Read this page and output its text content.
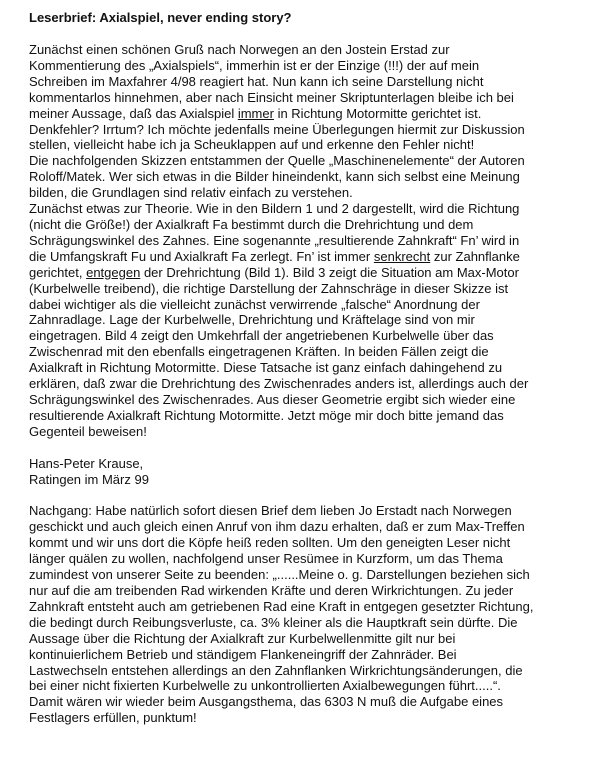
Leserbrief: Axialspiel, never ending story?

Zunächst einen schönen Gruß nach Norwegen an den Jostein Erstad zur
Kommentierung des „Axialspiels“, immerhin ist er der Einzige (!!!) der auf mein
Schreiben im Maxfahrer 4/98 reagiert hat. Nun kann ich seine Darstellung nicht
kommentarlos hinnehmen, aber nach Einsicht meiner Skriptunterlagen bleibe ich bei
meiner Aussage, daß das Axialspiel immer in Richtung Motormitte gerichtet ist.
Denkfehler? Irrtum? Ich möchte jedenfalls meine Überlegungen hiermit zur Diskussion
stellen, vielleicht habe ich ja Scheuklappen auf und erkenne den Fehler nicht!
Die nachfolgenden Skizzen entstammen der Quelle „Maschinenelemente“ der Autoren
Roloff/Matek. Wer sich etwas in die Bilder hineindenkt, kann sich selbst eine Meinung
bilden, die Grundlagen sind relativ einfach zu verstehen.
Zunächst etwas zur Theorie. Wie in den Bildern 1 und 2 dargestellt, wird die Richtung
(nicht die Größe!) der Axialkraft Fa bestimmt durch die Drehrichtung und dem
Schrägungswinkel des Zahnes. Eine sogenannte „resultierende Zahnkraft“ Fn’ wird in
die Umfangskraft Fu und Axialkraft Fa zerlegt. Fn’ ist immer senkrecht zur Zahnflanke
gerichtet, entgegen der Drehrichtung (Bild 1). Bild 3 zeigt die Situation am Max-Motor
(Kurbelwelle treibend), die richtige Darstellung der Zahnschräge in dieser Skizze ist
dabei wichtiger als die vielleicht zunächst verwirrende „falsche“ Anordnung der
Zahnradlage. Lage der Kurbelwelle, Drehrichtung und Kräftelage sind von mir
eingetragen. Bild 4 zeigt den Umkehrfall der angetriebenen Kurbelwelle über das
Zwischenrad mit den ebenfalls eingetragenen Kräften. In beiden Fällen zeigt die
Axialkraft in Richtung Motormitte. Diese Tatsache ist ganz einfach dahingehend zu
erklären, daß zwar die Drehrichtung des Zwischenrades anders ist, allerdings auch der
Schrägungswinkel des Zwischenrades. Aus dieser Geometrie ergibt sich wieder eine
resultierende Axialkraft Richtung Motormitte. Jetzt möge mir doch bitte jemand das
Gegenteil beweisen!

Hans-Peter Krause,

Ratingen im März 99

Nachgang: Habe natürlich sofort diesen Brief dem lieben Jo Erstadt nach Norwegen
geschickt und auch gleich einen Anruf von ihm dazu erhalten, daß er zum Max-Treffen
kommt und wir uns dort die Köpfe heiß reden sollten. Um den geneigten Leser nicht
länger quälen zu wollen, nachfolgend unser Resümee in Kurzform, um das Thema
zumindest von unserer Seite zu beenden: „......Meine o. g. Darstellungen beziehen sich
nur auf die am treibenden Rad wirkenden Kräfte und deren Wirkrichtungen. Zu jeder
Zahnkraft entsteht auch am getriebenen Rad eine Kraft in entgegen gesetzter Richtung,
die bedingt durch Reibungsverluste, ca. 3% kleiner als die Hauptkraft sein dürfte. Die
Aussage über die Richtung der Axialkraft zur Kurbelwellenmitte gilt nur bei
kontinuierlichem Betrieb und ständigem Flankeneingriff der Zahnräder. Bei
Lastwechseln entstehen allerdings an den Zahnflanken Wirkrichtungsänderungen, die
bei einer nicht fixierten Kurbelwelle zu unkontrollierten Axialbewegungen führt.....“.
Damit wären wir wieder beim Ausgangsthema, das 6303 N muß die Aufgabe eines
Festlagers erfüllen, punktum!
